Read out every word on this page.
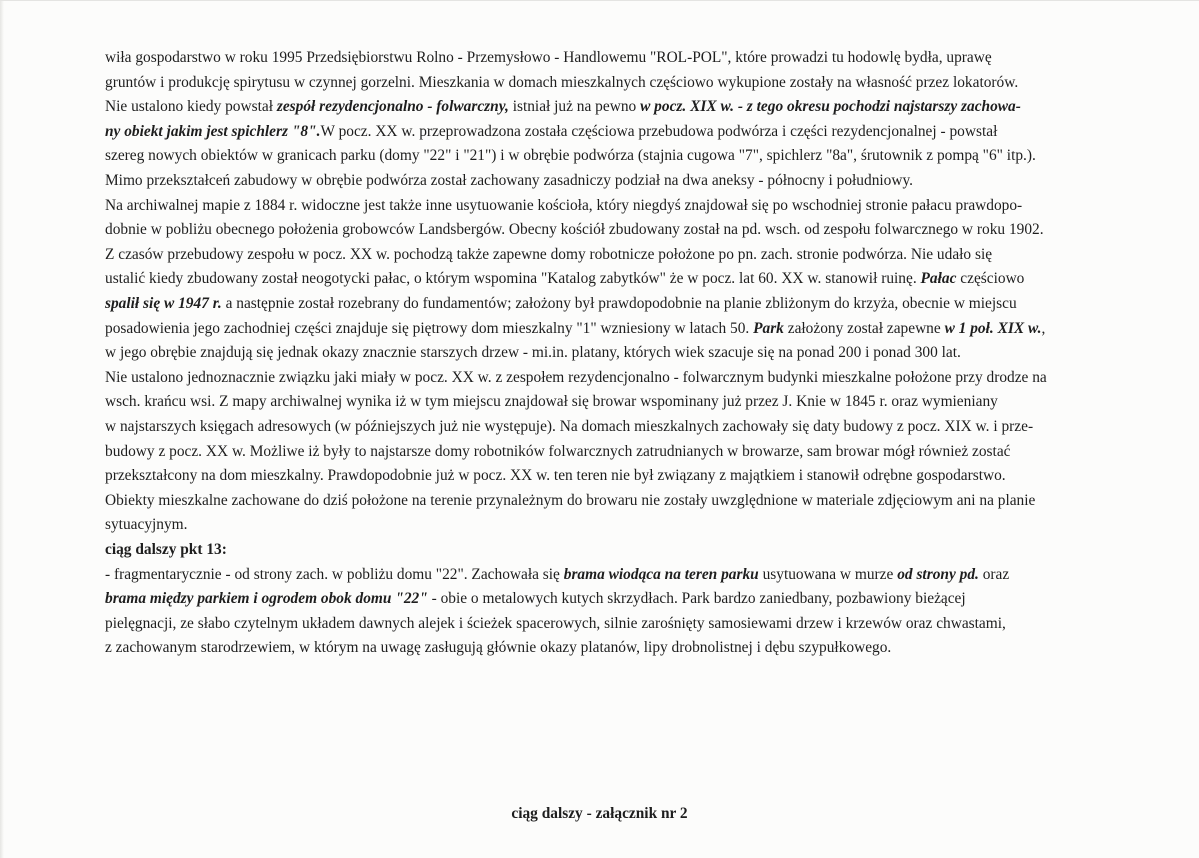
wiła gospodarstwo w roku 1995 Przedsiębiorstwu Rolno - Przemysłowo - Handlowemu "ROL-POL", które prowadzi tu hodowlę bydła, uprawę

gruntów i produkcję spirytusu w czynnej gorzelni. Mieszkania w domach mieszkalnych częściowo wykupione zostały na własność przez lokatorów.

Nie ustalono kiedy powstał zespół rezydencjonalno - folwarczny, istniał już na pewno w pocz. XIX w. - z tego okresu pochodzi najstarszy zachowa-

ny obiekt jakim jest spichlerz "8".W pocz. XX w. przeprowadzona została częściowa przebudowa podwórza i części rezydencjonalnej - powstał

szereg nowych obiektów w granicach parku (domy "22" i "21") i w obrębie podwórza (stajnia cugowa "7", spichlerz "8a", śrutownik z pompą "6" itp.).

Mimo przekształceń zabudowy w obrębie podwórza został zachowany zasadniczy podział na dwa aneksy - północny i południowy.

Na archiwalnej mapie z 1884 r. widoczne jest także inne usytuowanie kościoła, który niegdyś znajdował się po wschodniej stronie pałacu prawdopo-

dobnie w pobliżu obecnego położenia grobowców Landsbergów. Obecny kościół zbudowany został na pd. wsch. od zespołu folwarcznego w roku 1902.

Z czasów przebudowy zespołu w pocz. XX w. pochodzą także zapewne domy robotnicze położone po pn. zach. stronie podwórza. Nie udało się

ustalić kiedy zbudowany został neogotycki pałac, o którym wspomina "Katalog zabytków" że w pocz. lat 60. XX w. stanowił ruinę. Pałac częściowo

spalił się w 1947 r. a następnie został rozebrany do fundamentów; założony był prawdopodobnie na planie zbliżonym do krzyża, obecnie w miejscu

posadowienia jego zachodniej części znajduje się piętrowy dom mieszkalny "1" wzniesiony w latach 50. Park założony został zapewne w 1 poł. XIX w.,

w jego obrębie znajdują się jednak okazy znacznie starszych drzew - mi.in. platany, których wiek szacuje się na ponad 200 i ponad 300 lat.

Nie ustalono jednoznacznie związku jaki miały w pocz. XX w. z zespołem rezydencjonalno - folwarcznym budynki mieszkalne położone przy drodze na

wsch. krańcu wsi. Z mapy archiwalnej wynika iż w tym miejscu znajdował się browar wspominany już przez J. Knie w 1845 r. oraz wymieniany

w najstarszych księgach adresowych (w późniejszych już nie występuje). Na domach mieszkalnych zachowały się daty budowy z pocz. XIX w. i prze-

budowy z pocz. XX w. Możliwe iż były to najstarsze domy robotników folwarcznych zatrudnianych w browarze, sam browar mógł również zostać

przekształcony na dom mieszkalny. Prawdopodobnie już w pocz. XX w. ten teren nie był związany z majątkiem i stanowił odrębne gospodarstwo.

Obiekty mieszkalne zachowane do dziś położone na terenie przynależnym do browaru nie zostały uwzględnione w materiale zdjęciowym ani na planie

sytuacyjnym.

ciąg dalszy pkt 13:

- fragmentarycznie - od strony zach. w pobliżu domu "22". Zachowała się brama wiodąca na teren parku usytuowana w murze od strony pd. oraz

brama między parkiem i ogrodem obok domu "22" - obie o metalowych kutych skrzydłach. Park bardzo zaniedbany, pozbawiony bieżącej

pielęgnacji, ze słabo czytelnym układem dawnych alejek i ścieżek spacerowych, silnie zarośnięty samosiewami drzew i krzewów oraz chwastami,

z zachowanym starodrzewiem, w którym na uwagę zasługują głównie okazy platanów, lipy drobnolistnej i dębu szypułkowego.

ciąg dalszy - załącznik nr 2
